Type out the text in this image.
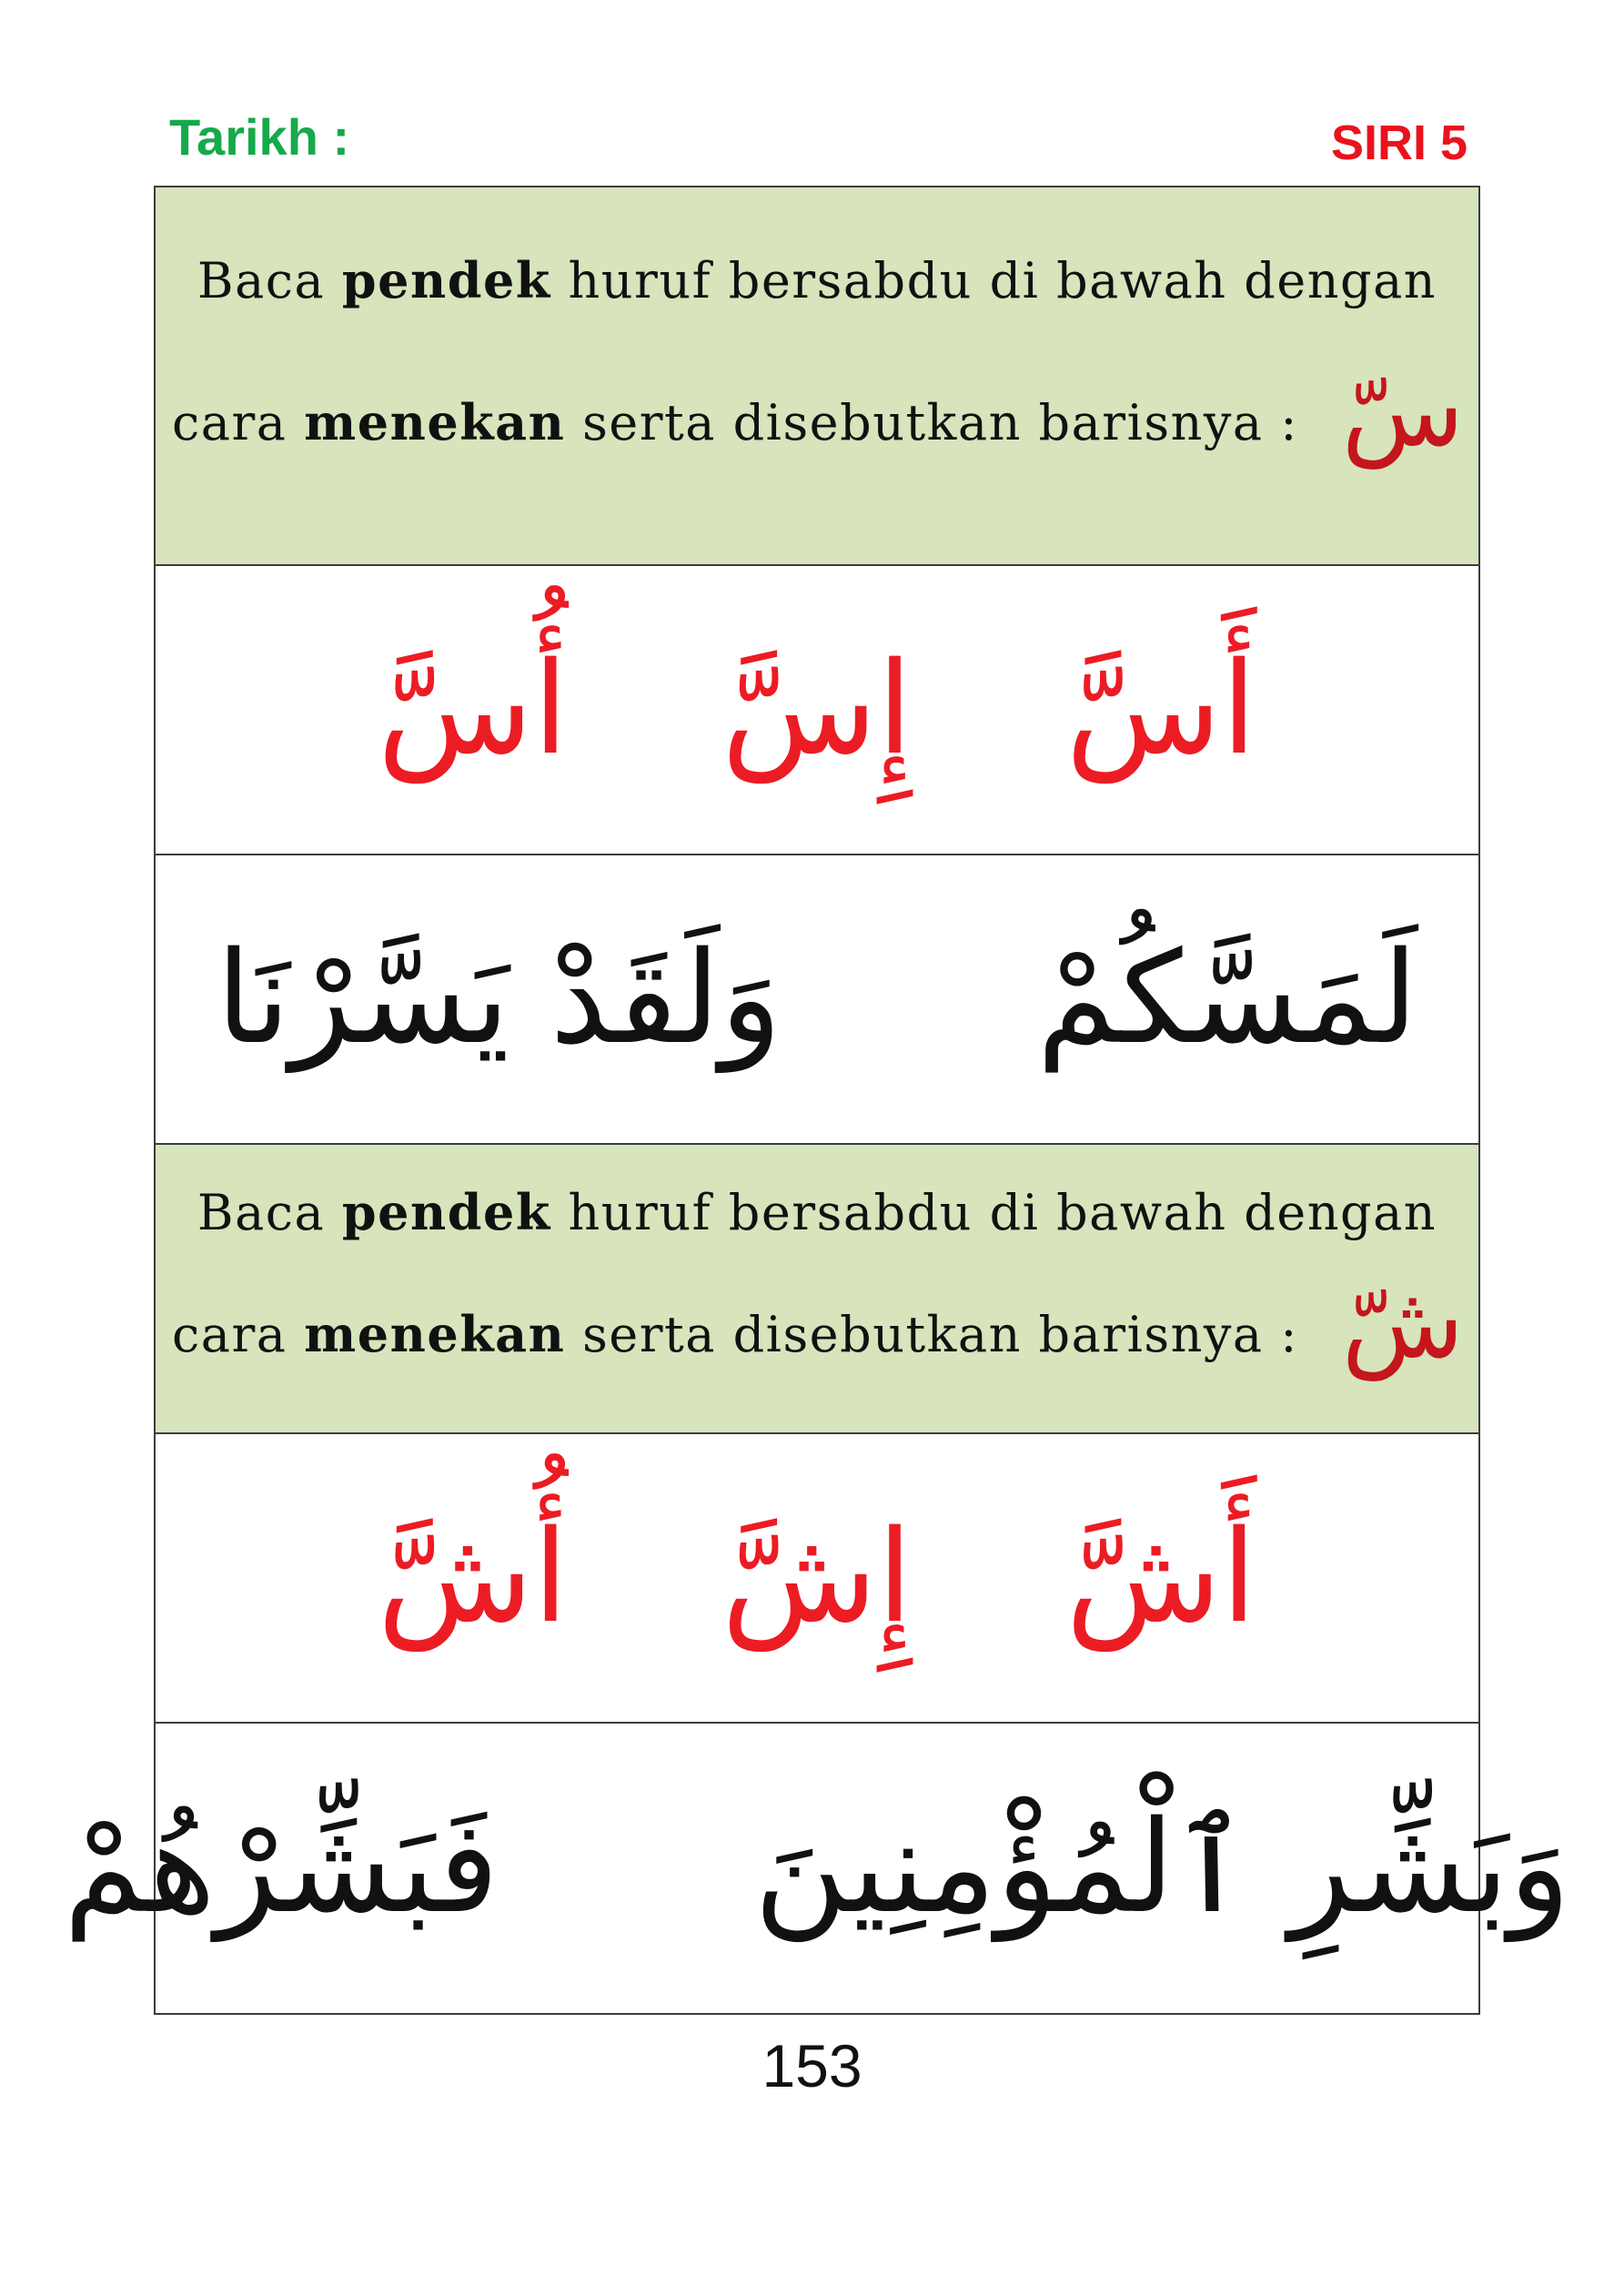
Tarikh :	SIRI 5
Baca pendek huruf bersabdu di bawah dengan
cara menekan serta disebutkan barisnya : سّ
أَسَّ إِسَّ أُسَّ
لَمَسَّكُمْ وَلَقَدْ يَسَّرْنَا
Baca pendek huruf bersabdu di bawah dengan
cara menekan serta disebutkan barisnya : شّ
أَشَّ إِشَّ أُشَّ
وَبَشِّرِ ٱلْمُؤْمِنِينَ فَبَشِّرْهُمْ
153
